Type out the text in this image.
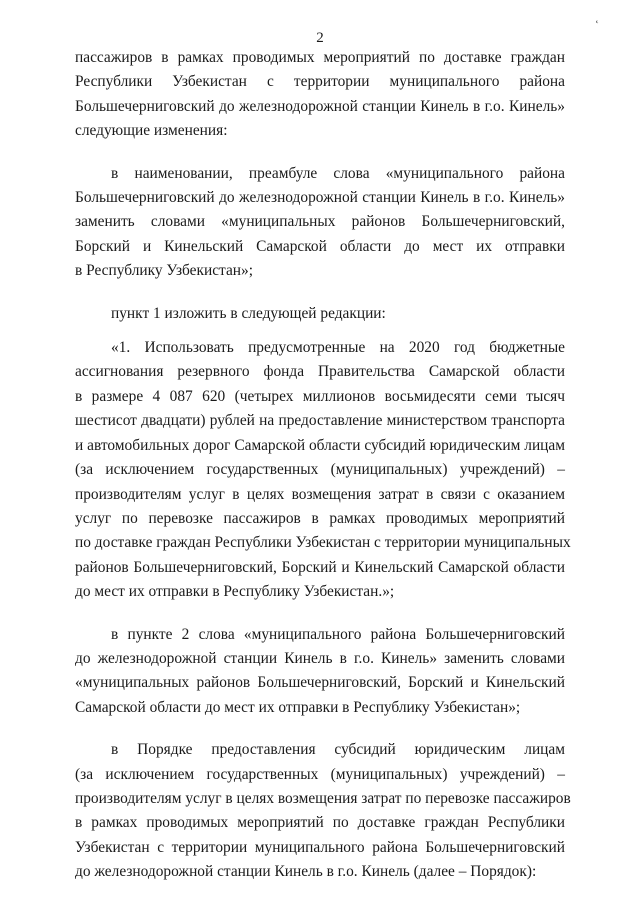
2
˛
пассажиров в рамках проводимых мероприятий по доставке граждан
Республики Узбекистан с территории муниципального района
Большечерниговский до железнодорожной станции Кинель в г.о. Кинель»
следующие изменения:
в наименовании, преамбуле слова «муниципального района
Большечерниговский до железнодорожной станции Кинель в г.о. Кинель»
заменить словами «муниципальных районов Большечерниговский,
Борский и Кинельский Самарской области до мест их отправки
в Республику Узбекистан»;
пункт 1 изложить в следующей редакции:
«1. Использовать предусмотренные на 2020 год бюджетные
ассигнования резервного фонда Правительства Самарской области
в размере 4 087 620 (четырех миллионов восьмидесяти семи тысяч
шестисот двадцати) рублей на предоставление министерством транспорта
и автомобильных дорог Самарской области субсидий юридическим лицам
(за исключением государственных (муниципальных) учреждений) –
производителям услуг в целях возмещения затрат в связи с оказанием
услуг по перевозке пассажиров в рамках проводимых мероприятий
по доставке граждан Республики Узбекистан с территории муниципальных
районов Большечерниговский, Борский и Кинельский Самарской области
до мест их отправки в Республику Узбекистан.»;
в пункте 2 слова «муниципального района Большечерниговский
до железнодорожной станции Кинель в г.о. Кинель» заменить словами
«муниципальных районов Большечерниговский, Борский и Кинельский
Самарской области до мест их отправки в Республику Узбекистан»;
в Порядке предоставления субсидий юридическим лицам
(за исключением государственных (муниципальных) учреждений) –
производителям услуг в целях возмещения затрат по перевозке пассажиров
в рамках проводимых мероприятий по доставке граждан Республики
Узбекистан с территории муниципального района Большечерниговский
до железнодорожной станции Кинель в г.о. Кинель (далее – Порядок):
